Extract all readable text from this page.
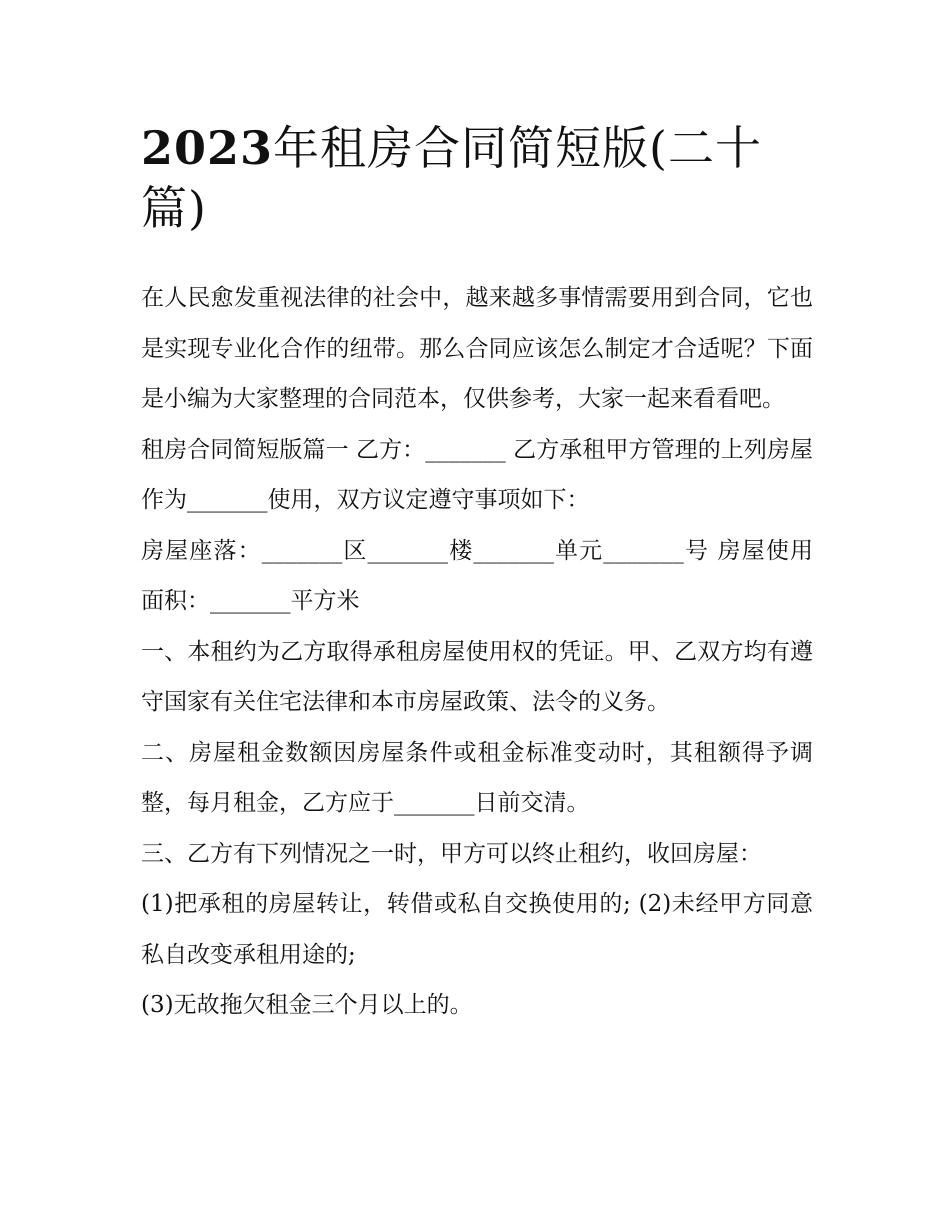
2023年租房合同简短版(二十篇)

在人民愈发重视法律的社会中，越来越多事情需要用到合同，它也是实现专业化合作的纽带。那么合同应该怎么制定才合适呢？下面是小编为大家整理的合同范本，仅供参考，大家一起来看看吧。

租房合同简短版篇一 乙方：_______ 乙方承租甲方管理的上列房屋作为_______使用，双方议定遵守事项如下：

房屋座落：_______区_______楼_______单元_______号 房屋使用面积：_______平方米

一、本租约为乙方取得承租房屋使用权的凭证。甲、乙双方均有遵守国家有关住宅法律和本市房屋政策、法令的义务。

二、房屋租金数额因房屋条件或租金标准变动时，其租额得予调整，每月租金，乙方应于_______日前交清。

三、乙方有下列情况之一时，甲方可以终止租约，收回房屋：

(1)把承租的房屋转让，转借或私自交换使用的; (2)未经甲方同意私自改变承租用途的;

(3)无故拖欠租金三个月以上的。
